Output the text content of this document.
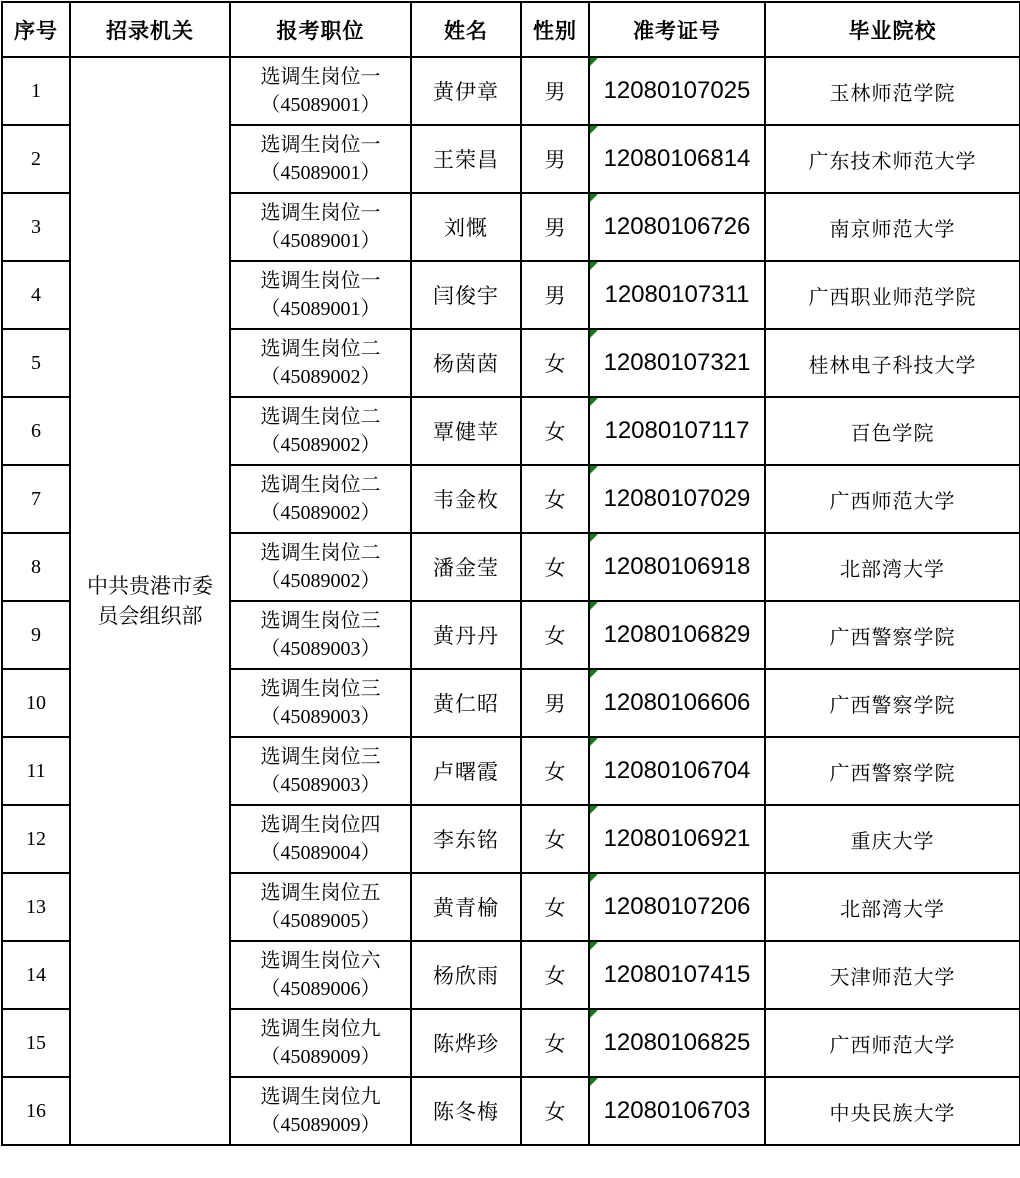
序号	招录机关	报考职位	姓名	性别	准考证号	毕业院校
1	中共贵港市委员会组织部	选调生岗位一
（45089001）	黄伊章	男	12080107025	玉林师范学院
2		选调生岗位一
（45089001）	王荣昌	男	12080106814	广东技术师范大学
3		选调生岗位一
（45089001）	刘慨	男	12080106726	南京师范大学
4		选调生岗位一
（45089001）	闫俊宇	男	12080107311	广西职业师范学院
5		选调生岗位二
（45089002）	杨茵茵	女	12080107321	桂林电子科技大学
6		选调生岗位二
（45089002）	覃健苹	女	12080107117	百色学院
7		选调生岗位二
（45089002）	韦金枚	女	12080107029	广西师范大学
8		选调生岗位二
（45089002）	潘金莹	女	12080106918	北部湾大学
9		选调生岗位三
（45089003）	黄丹丹	女	12080106829	广西警察学院
10		选调生岗位三
（45089003）	黄仁昭	男	12080106606	广西警察学院
11		选调生岗位三
（45089003）	卢曙霞	女	12080106704	广西警察学院
12		选调生岗位四
（45089004）	李东铭	女	12080106921	重庆大学
13		选调生岗位五
（45089005）	黄青榆	女	12080107206	北部湾大学
14		选调生岗位六
（45089006）	杨欣雨	女	12080107415	天津师范大学
15		选调生岗位九
（45089009）	陈烨珍	女	12080106825	广西师范大学
16		选调生岗位九
（45089009）	陈冬梅	女	12080106703	中央民族大学
